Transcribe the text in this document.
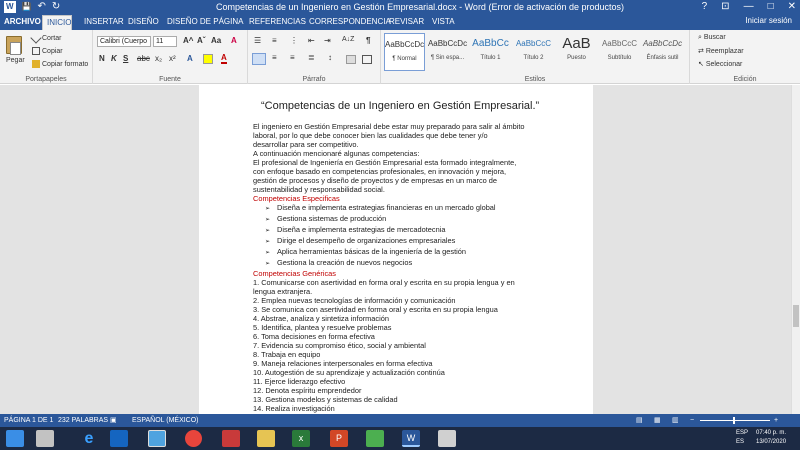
W 💾 ↶ ↻	Competencias de un Ingeniero en Gestión Empresarial.docx - Word (Error de activación de productos)	? ⊡ — □ ✕
ARCHIVO INICIO	INSERTAR DISEÑO	DISEÑO DE PÁGINA REFERENCIAS CORRESPONDENCIA
REVISAR VISTA	Iniciar sesión
Pegar
Cortar
Copiar
Copiar formato
Portapapeles
Calibri (Cuerpo	11	A^ Aˇ Aa A
N K S abc x₂ x² A	A
Fuente
☰ ≡ ⋮ ⇤ ⇥ A↓Z ¶
≡ ≡ ≣ ↕
Párrafo
AaBbCcDc
¶ Normal
AaBbCcDc
¶ Sin espa...
AaBbCc
Título 1
AaBbCcC
Título 2
AaB
Puesto
AaBbCcC
Subtítulo
AaBbCcDc
Énfasis sutil
Estilos
⌕ Buscar
⇄ Reemplazar
↖ Seleccionar
Edición
“Competencias de un Ingeniero en Gestión Empresarial.”
El ingeniero en Gestión Empresarial debe estar muy preparado para salir al ámbito
laboral, por lo que debe conocer bien las cualidades que debe tener y/o
desarrollar para ser competitivo.
A continuación mencionaré algunas competencias:
El profesional de Ingeniería en Gestión Empresarial esta formado integralmente,
con enfoque basado en competencias profesionales, en innovación y mejora,
gestión de procesos y diseño de proyectos y de empresas en un marco de
sustentabilidad y responsabilidad social.
Competencias Especificas
➢ Diseña e implementa estrategias financieras en un mercado global
➢ Gestiona sistemas de producción
➢ Diseña e implementa estrategias de mercadotecnia
➢ Dirige el desempeño de organizaciones empresariales
➢ Aplica herramientas básicas de la ingeniería de la gestión
➢ Gestiona la creación de nuevos negocios
Competencias Genéricas
1. Comunicarse con asertividad en forma oral y escrita en su propia lengua y en
lengua extranjera.
2. Emplea nuevas tecnologías de información y comunicación
3. Se comunica con asertividad en forma oral y escrita en su propia lengua
4. Abstrae, analiza y sintetiza información
5. Identifica, plantea y resuelve problemas
6. Toma decisiones en forma efectiva
7. Evidencia su compromiso ético, social y ambiental
8. Trabaja en equipo
9. Maneja relaciones interpersonales en forma efectiva
10. Autogestión de su aprendizaje y actualización continúa
11. Ejerce liderazgo efectivo
12. Denota espíritu emprendedor
13. Gestiona modelos y sistemas de calidad
14. Realiza investigación
PÁGINA 1 DE 1 232 PALABRAS ▣ ESPAÑOL (MÉXICO)	▤ ▦ ▥ −	+
e	x	P	W	ESP
ES
07:40 p. m.
13/07/2020
